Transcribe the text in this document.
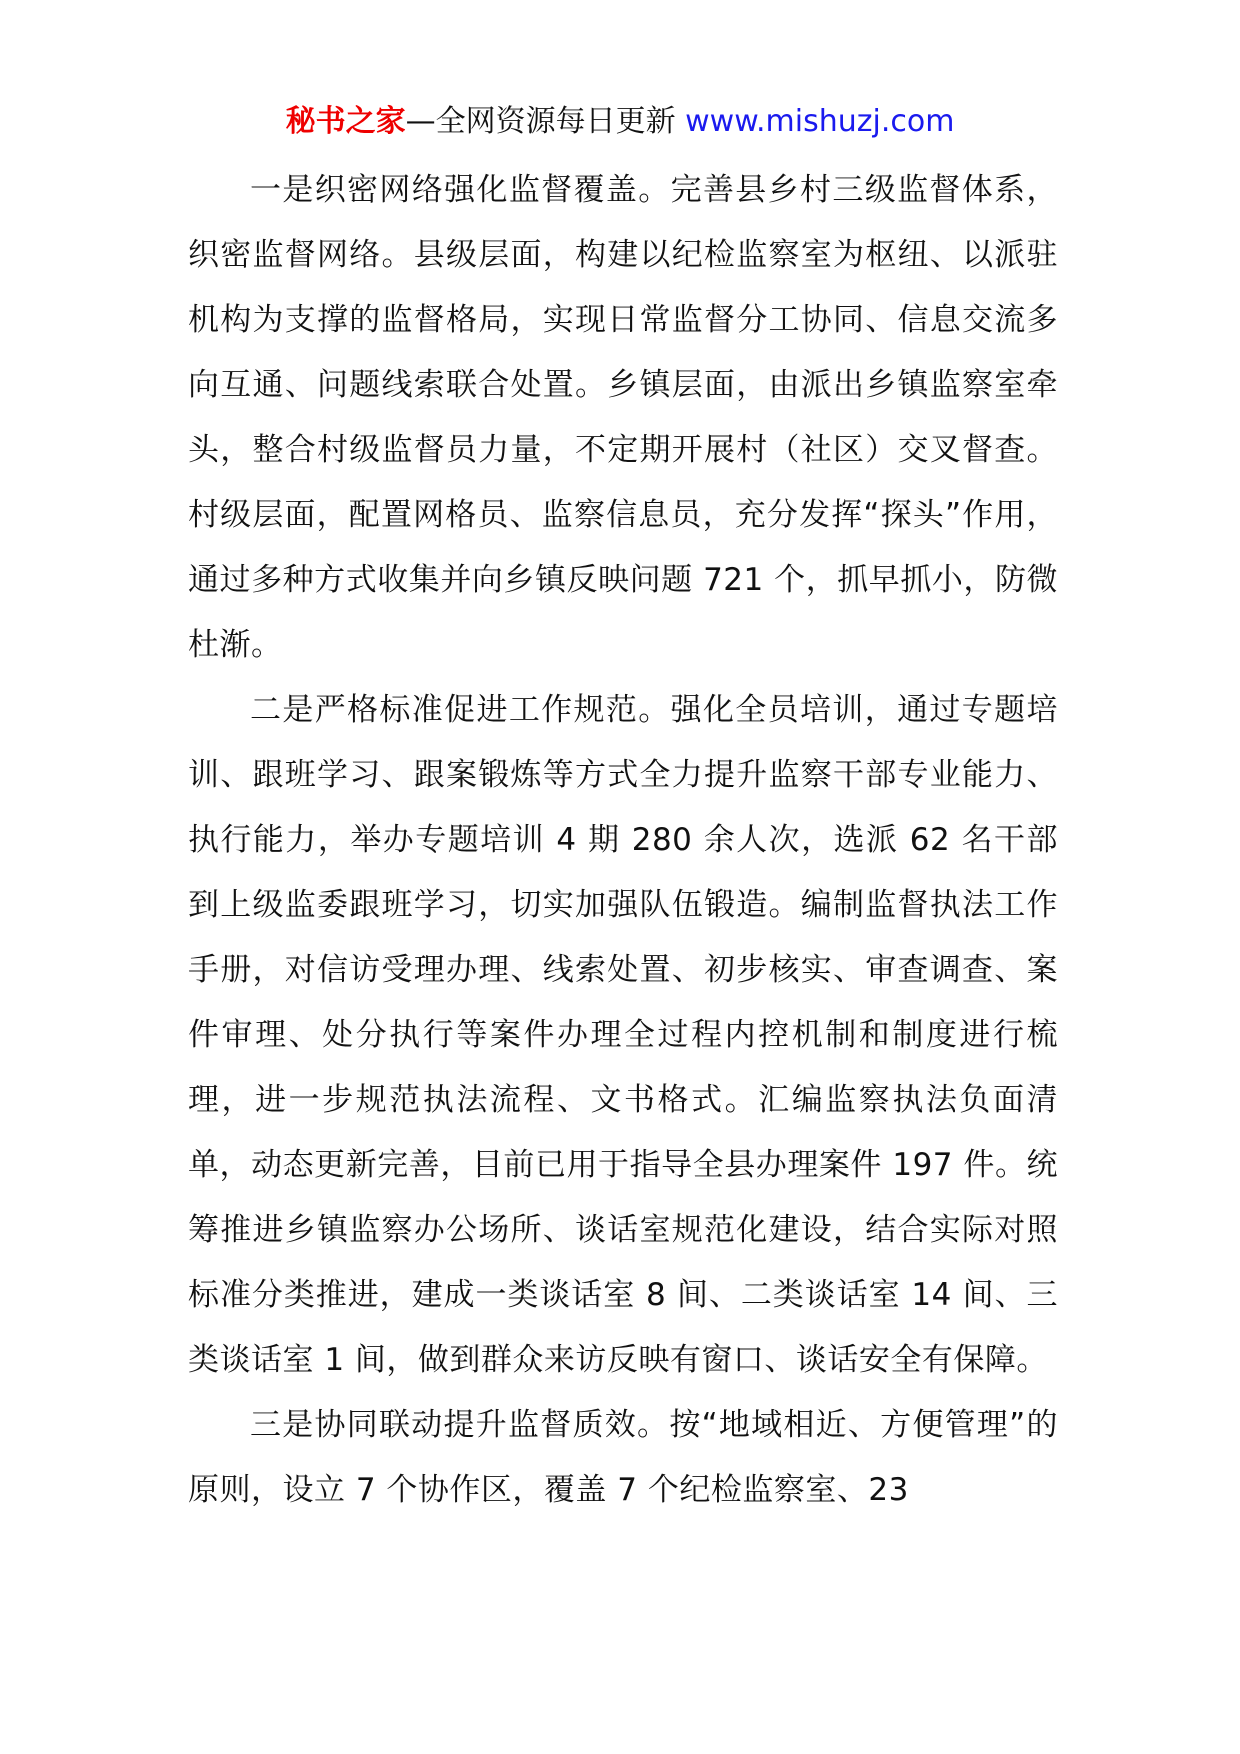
秘书之家—全网资源每日更新 www.mishuzj.com

一是织密网络强化监督覆盖。完善县乡村三级监督体系，织密监督网络。县级层面，构建以纪检监察室为枢纽、以派驻机构为支撑的监督格局，实现日常监督分工协同、信息交流多向互通、问题线索联合处置。乡镇层面，由派出乡镇监察室牵头，整合村级监督员力量，不定期开展村（社区）交叉督查。村级层面，配置网格员、监察信息员，充分发挥“探头”作用，通过多种方式收集并向乡镇反映问题 721 个，抓早抓小，防微杜渐。

二是严格标准促进工作规范。强化全员培训，通过专题培训、跟班学习、跟案锻炼等方式全力提升监察干部专业能力、执行能力，举办专题培训 4 期 280 余人次，选派 62 名干部到上级监委跟班学习，切实加强队伍锻造。编制监督执法工作手册，对信访受理办理、线索处置、初步核实、审查调查、案件审理、处分执行等案件办理全过程内控机制和制度进行梳理，进一步规范执法流程、文书格式。汇编监察执法负面清单，动态更新完善，目前已用于指导全县办理案件 197 件。统筹推进乡镇监察办公场所、谈话室规范化建设，结合实际对照标准分类推进，建成一类谈话室 8 间、二类谈话室 14 间、三类谈话室 1 间，做到群众来访反映有窗口、谈话安全有保障。

三是协同联动提升监督质效。按“地域相近、方便管理”的原则，设立 7 个协作区，覆盖 7 个纪检监察室、23
